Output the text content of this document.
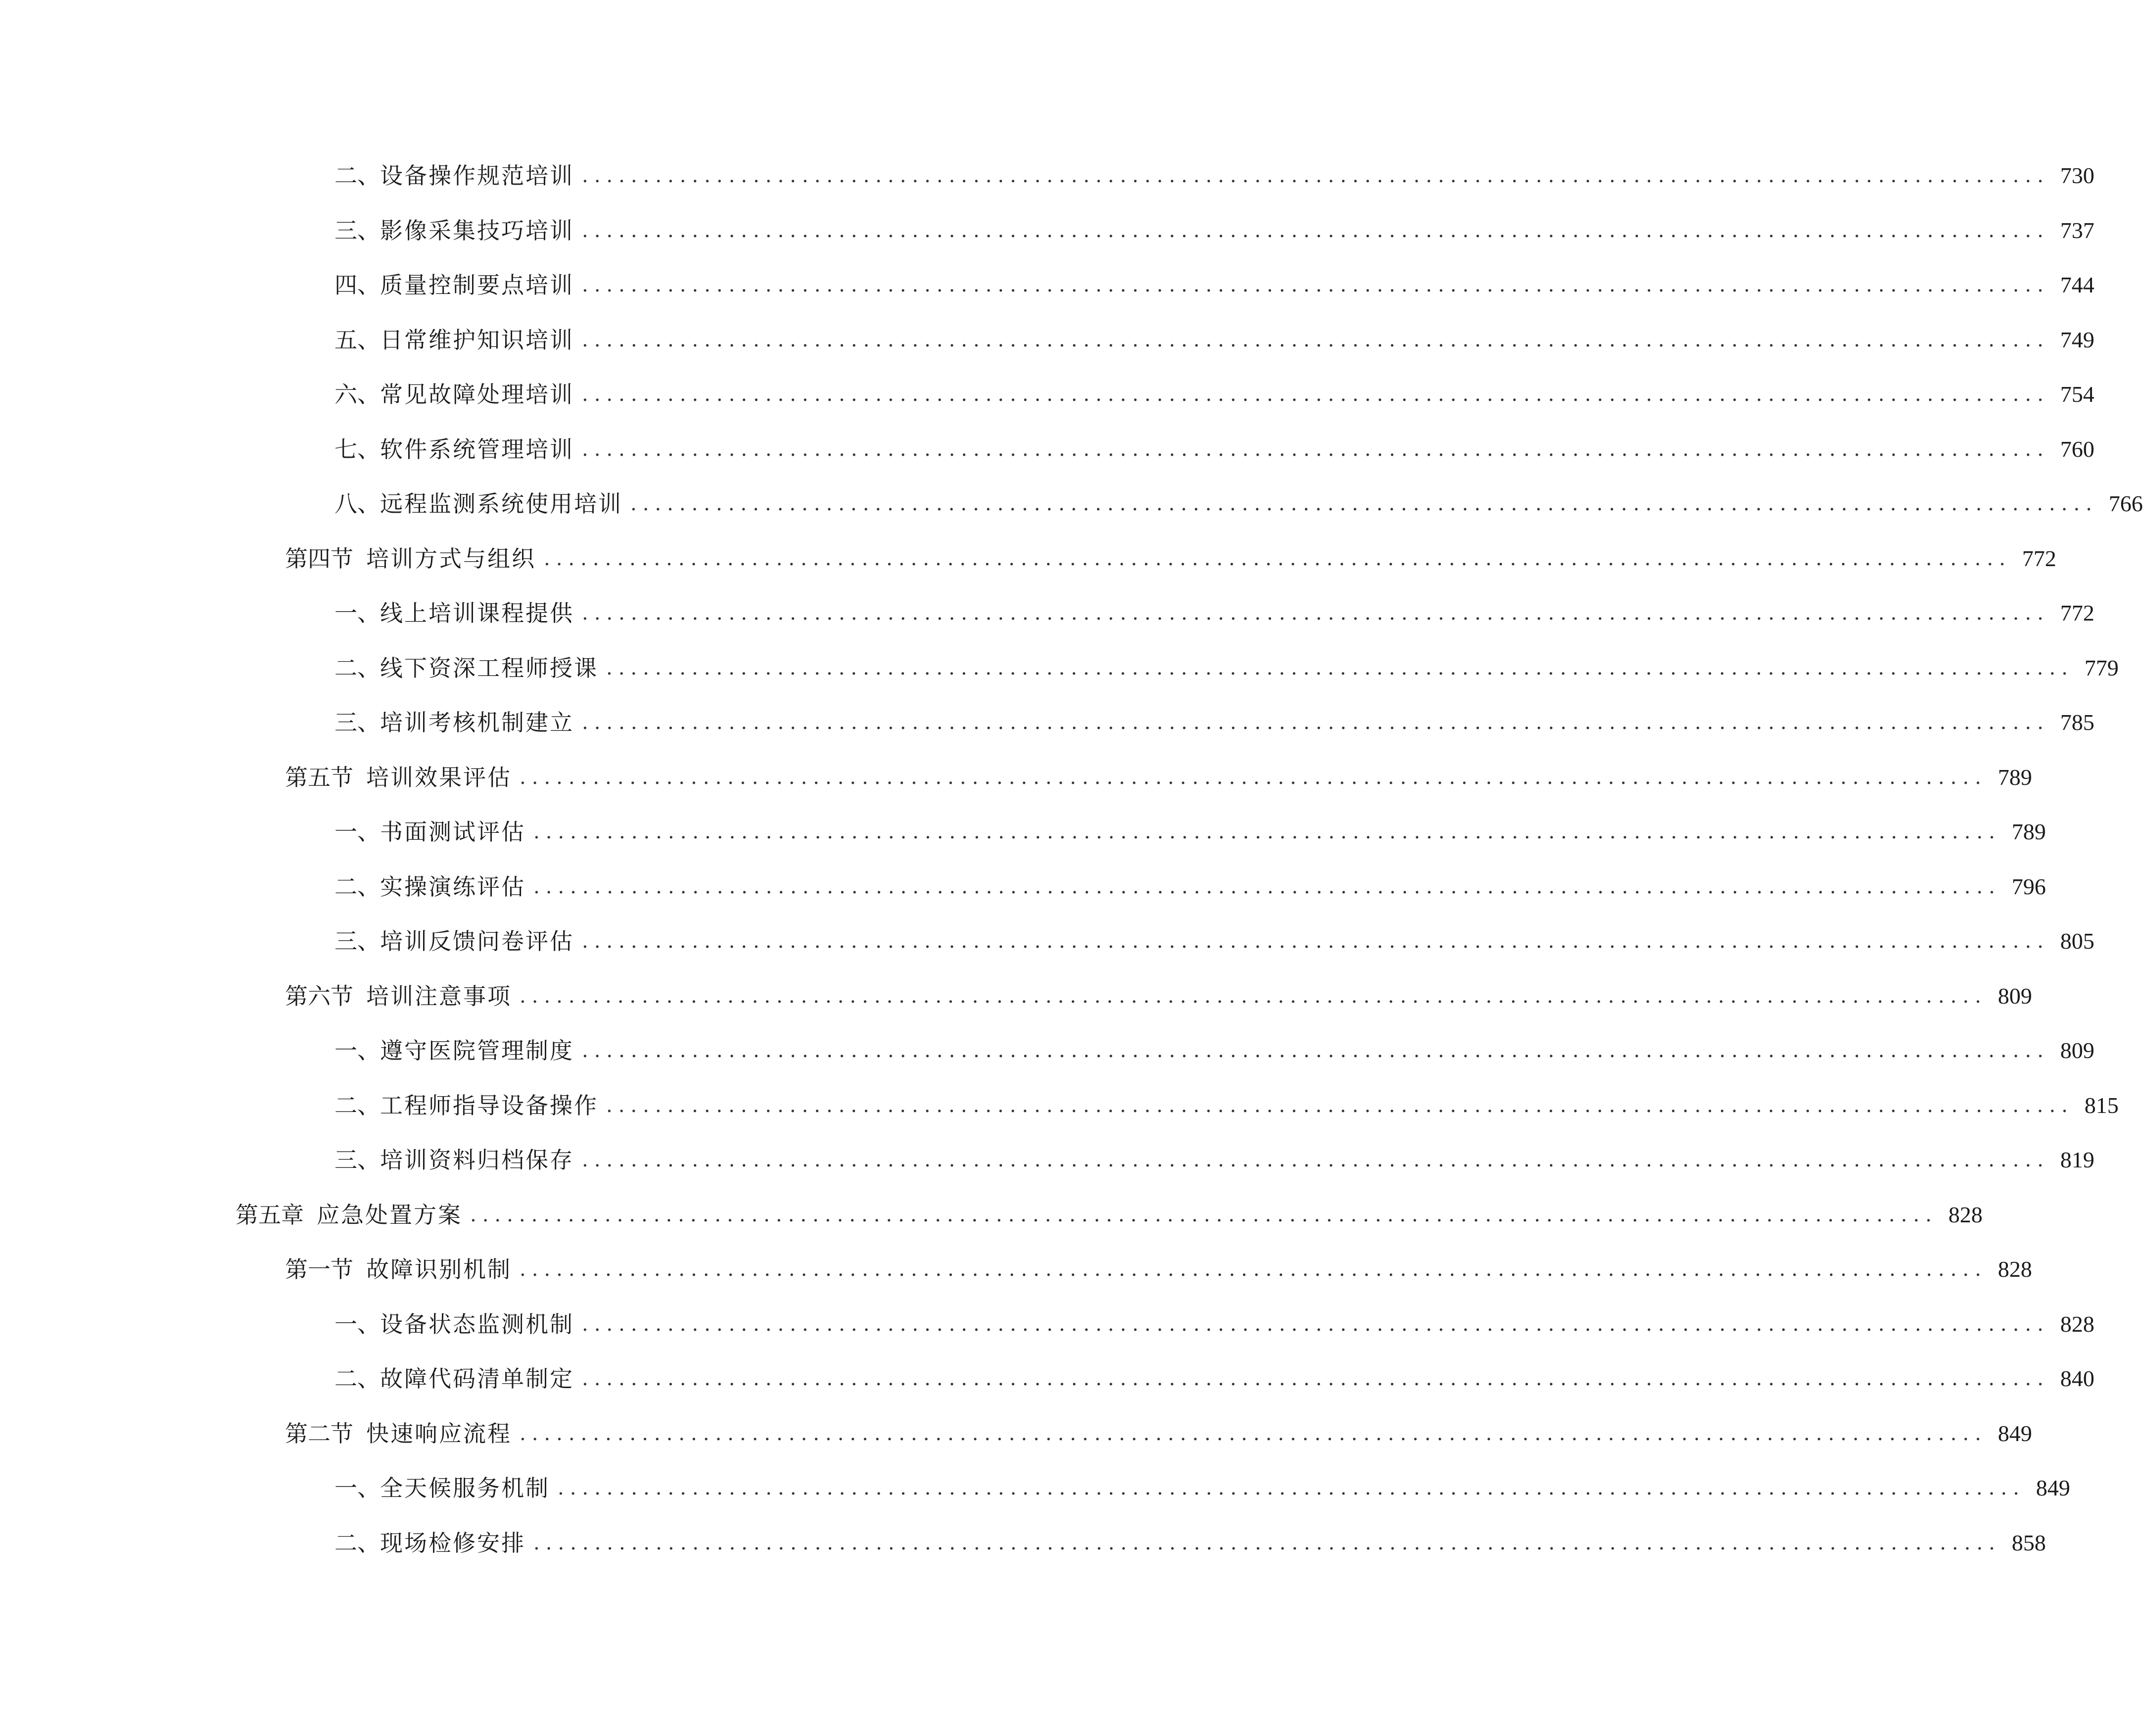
二、 设备操作规范培训 ........................................................................................................................ 730
三、 影像采集技巧培训 ........................................................................................................................ 737
四、 质量控制要点培训 ........................................................................................................................ 744
五、 日常维护知识培训 ........................................................................................................................ 749
六、 常见故障处理培训 ........................................................................................................................ 754
七、 软件系统管理培训 ........................................................................................................................ 760
八、 远程监测系统使用培训 ........................................................................................................................ 766
第四节 培训方式与组织 ........................................................................................................................ 772
一、 线上培训课程提供 ........................................................................................................................ 772
二、 线下资深工程师授课 ........................................................................................................................ 779
三、 培训考核机制建立 ........................................................................................................................ 785
第五节 培训效果评估 ........................................................................................................................ 789
一、 书面测试评估 ........................................................................................................................ 789
二、 实操演练评估 ........................................................................................................................ 796
三、 培训反馈问卷评估 ........................................................................................................................ 805
第六节 培训注意事项 ........................................................................................................................ 809
一、 遵守医院管理制度 ........................................................................................................................ 809
二、 工程师指导设备操作 ........................................................................................................................ 815
三、 培训资料归档保存 ........................................................................................................................ 819
第五章 应急处置方案 ........................................................................................................................ 828
第一节 故障识别机制 ........................................................................................................................ 828
一、 设备状态监测机制 ........................................................................................................................ 828
二、 故障代码清单制定 ........................................................................................................................ 840
第二节 快速响应流程 ........................................................................................................................ 849
一、 全天候服务机制 ........................................................................................................................ 849
二、 现场检修安排 ........................................................................................................................ 858
